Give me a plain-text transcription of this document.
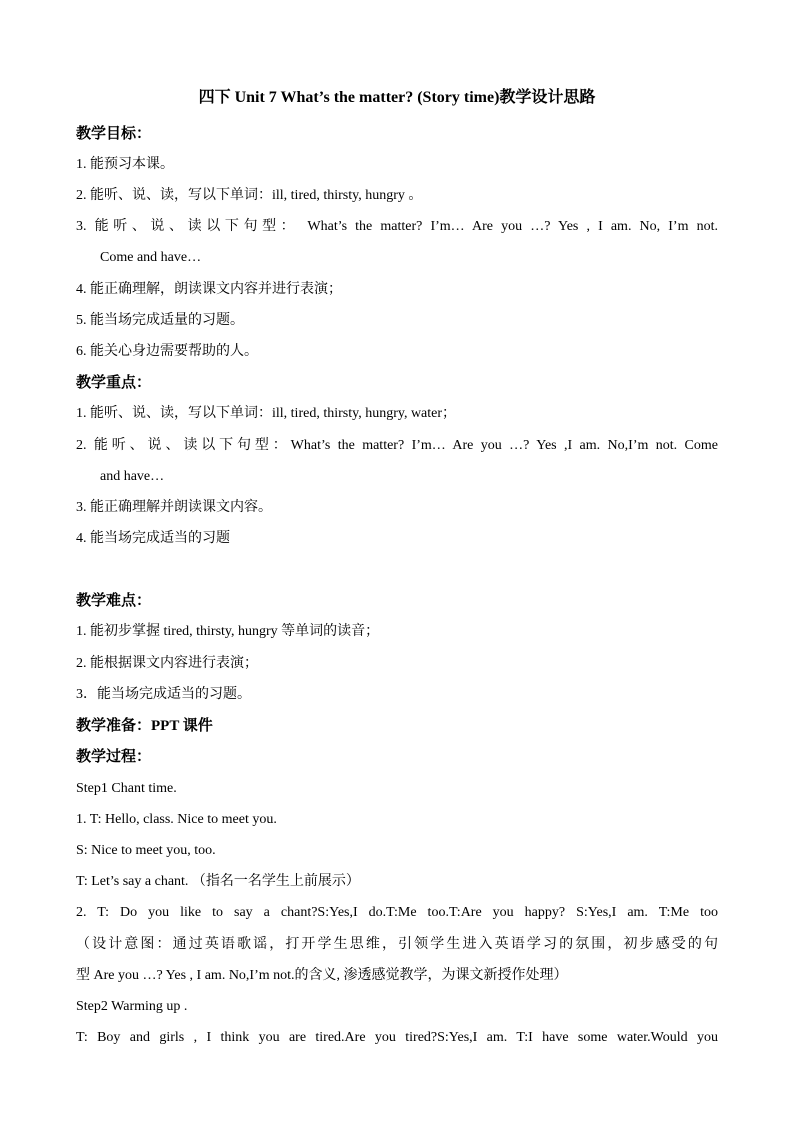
四下 Unit 7 What’s the matter? (Story time)教学设计思路
教学目标：
1. 能预习本课。
2. 能听、说、读，写以下单词：ill, tired, thirsty, hungry 。
3. 能听、说、读以下句型： What’s the matter? I’m… Are you …? Yes , I am. No, I’m not.
Come and have…
4. 能正确理解，朗读课文内容并进行表演；
5. 能当场完成适量的习题。
6. 能关心身边需要帮助的人。
教学重点：
1. 能听、说、读，写以下单词：ill, tired, thirsty, hungry, water；
2. 能听、说、读以下句型：What’s the matter? I’m… Are you …? Yes ,I am. No,I’m not. Come
and have…
3. 能正确理解并朗读课文内容。
4. 能当场完成适当的习题
教学难点：
1. 能初步掌握 tired, thirsty, hungry 等单词的读音；
2. 能根据课文内容进行表演；
3．能当场完成适当的习题。
教学准备：PPT 课件
教学过程：
Step1 Chant time.
1. T: Hello, class. Nice to meet you.
S: Nice to meet you, too.
T: Let’s say a chant. （指名一名学生上前展示）
2. T: Do you like to say a chant?S:Yes,I do.T:Me too.T:Are you happy? S:Yes,I am. T:Me too
（设计意图：通过英语歌谣，打开学生思维，引领学生进入英语学习的氛围，初步感受的句
型 Are you …? Yes , I am. No,I’m not.的含义, 渗透感觉教学，为课文新授作处理）
Step2 Warming up .
T: Boy and girls , I think you are tired.Are you tired?S:Yes,I am. T:I have some water.Would you
